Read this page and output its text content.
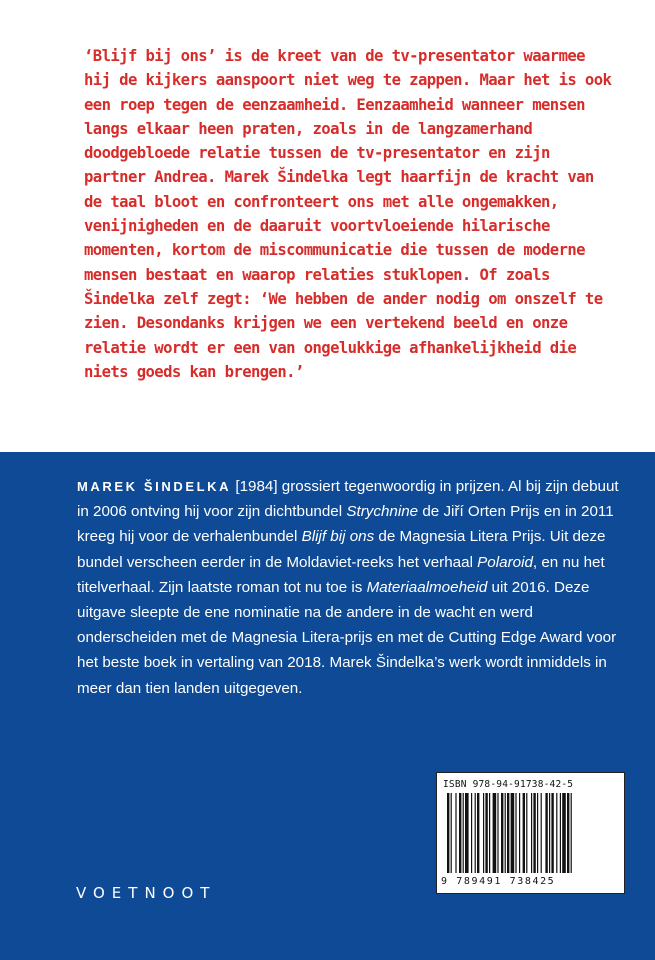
‘Blijf bij ons’ is de kreet van de tv-presentator waarmee hij de kijkers aanspoort niet weg te zappen. Maar het is ook een roep tegen de eenzaamheid. Eenzaamheid wanneer mensen langs elkaar heen praten, zoals in de langzamerhand doodgebloede relatie tussen de tv-presentator en zijn partner Andrea. Marek Šindelka legt haarfijn de kracht van de taal bloot en confronteert ons met alle ongemakken, venijnigheden en de daaruit voortvloeiende hilarische momenten, kortom de miscommunicatie die tussen de moderne mensen bestaat en waarop relaties stuklopen. Of zoals Šindelka zelf zegt: ‘We hebben de ander nodig om onszelf te zien. Desondanks krijgen we een vertekend beeld en onze relatie wordt er een van ongelukkige afhankelijkheid die niets goeds kan brengen.’

MAREK ŠINDELKA [1984] grossiert tegenwoordig in prijzen. Al bij zijn debuut in 2006 ontving hij voor zijn dichtbundel Strychnine de Jiří Orten Prijs en in 2011 kreeg hij voor de verhalenbundel Blijf bij ons de Magnesia Litera Prijs. Uit deze bundel verscheen eerder in de Moldaviet-reeks het verhaal Polaroid, en nu het titelverhaal. Zijn laatste roman tot nu toe is Materiaalmoeheid uit 2016. Deze uitgave sleepte de ene nominatie na de andere in de wacht en werd onderscheiden met de Magnesia Litera-prijs en met de Cutting Edge Award voor het beste boek in vertaling van 2018. Marek Šindelka’s werk wordt inmiddels in meer dan tien landen uitgegeven.

ISBN 978-94-91738-42-5
9 789491 738425
VOETNOOT
